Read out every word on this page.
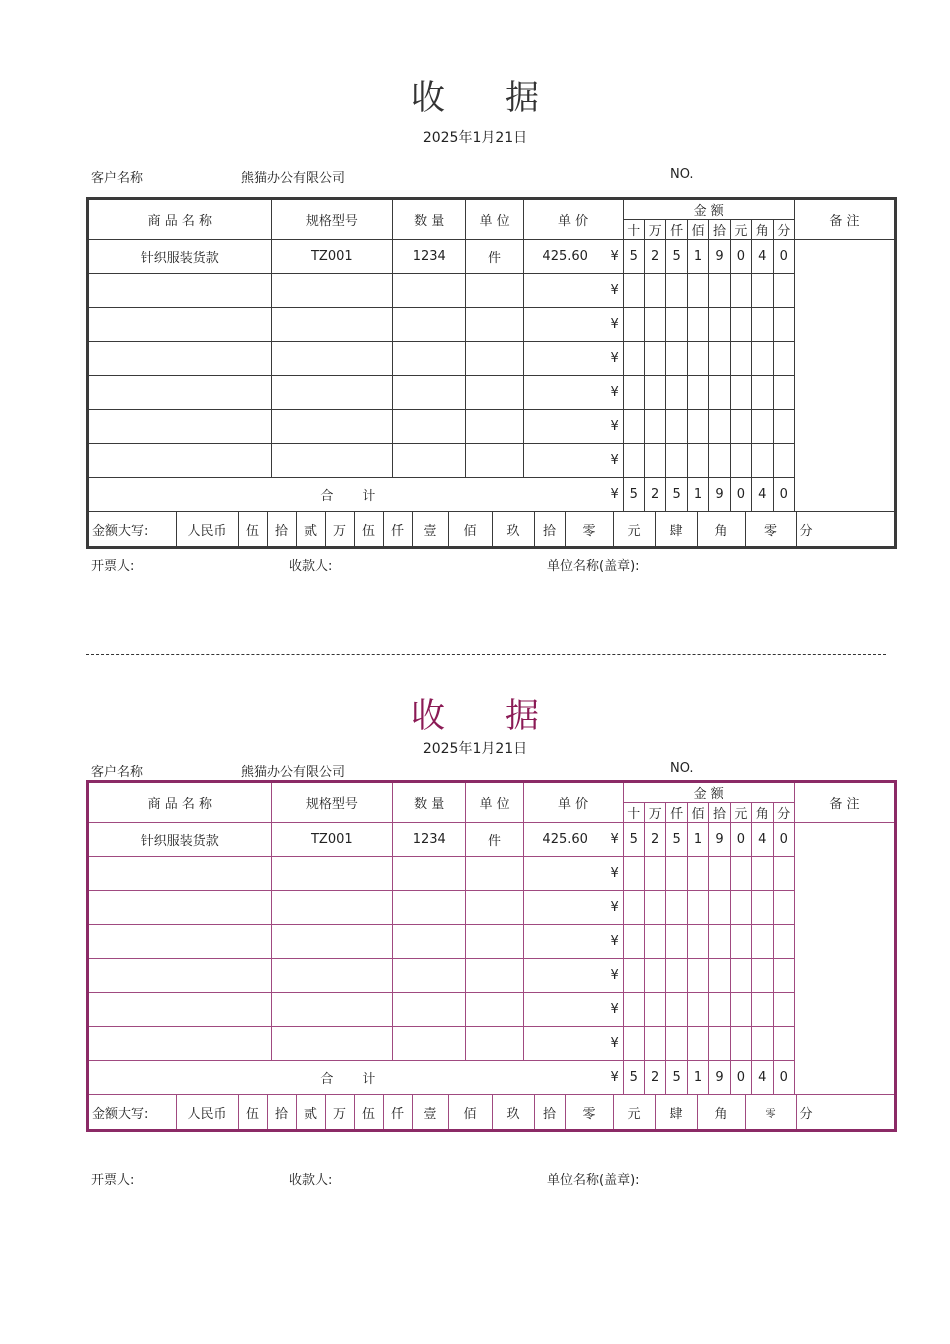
收 据
2025年1月21日
客户名称	熊猫办公有限公司	NO.
商 品 名 称	规格型号	数 量	单 位	单 价	金 额	备 注
十	万	仟	佰	拾	元	角	分
针织服装货款	TZ001	1234	件	425.60	¥	5	2	5	1	9	0	4	0	
					¥								
					¥								
					¥								
					¥								
					¥								
					¥								
合       计	¥	5	2	5	1	9	0	4	0

金额大写:	人民币	伍	拾	贰	万	伍	仟	壹	佰	玖	拾	零	元	肆	角	零	分
开票人:	收款人:	单位名称(盖章):
收 据
2025年1月21日
客户名称	熊猫办公有限公司	NO.
商 品 名 称	规格型号	数 量	单 位	单 价	金 额	备 注
十	万	仟	佰	拾	元	角	分
针织服装货款	TZ001	1234	件	425.60	¥	5	2	5	1	9	0	4	0	
					¥								
					¥								
					¥								
					¥								
					¥								
					¥								
合       计	¥	5	2	5	1	9	0	4	0

金额大写:	人民币	伍	拾	贰	万	伍	仟	壹	佰	玖	拾	零	元	肆	角	零	分
开票人:	收款人:	单位名称(盖章):
